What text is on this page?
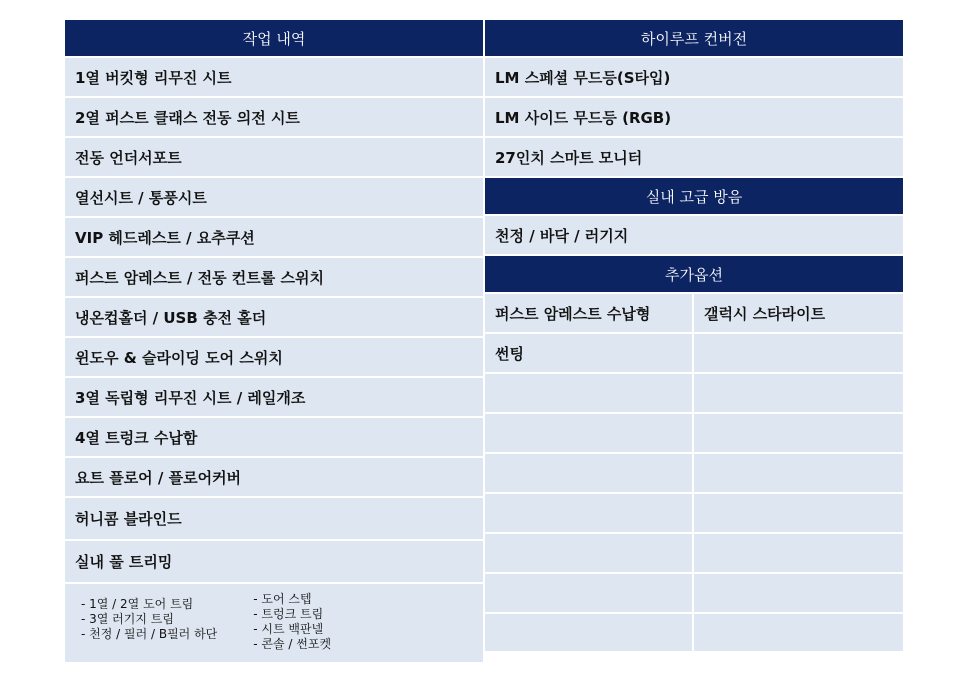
작업 내역
1열 버킷형 리무진 시트
2열 퍼스트 클래스 전동 의전 시트
전동 언더서포트
열선시트 / 통풍시트
VIP 헤드레스트 / 요추쿠션
퍼스트 암레스트 / 전동 컨트롤 스위치
냉온컵홀더 / USB 충전 홀더
윈도우 & 슬라이딩 도어 스위치
3열 독립형 리무진 시트 / 레일개조
4열 트렁크 수납함
요트 플로어 / 플로어커버
허니콤 블라인드
실내 풀 트리밍
- 1열 / 2열 도어 트림
- 3열 러기지 트림
- 천정 / 필러 / B필러 하단
- 도어 스텝
- 트렁크 트림
- 시트 백판넬
- 콘솔 / 썬포켓
하이루프 컨버전
LM 스페셜 무드등(S타입)
LM 사이드 무드등 (RGB)
27인치 스마트 모니터
실내 고급 방음
천정 / 바닥 / 러기지
추가옵션
퍼스트 암레스트 수납형	갤럭시 스타라이트
썬팅
